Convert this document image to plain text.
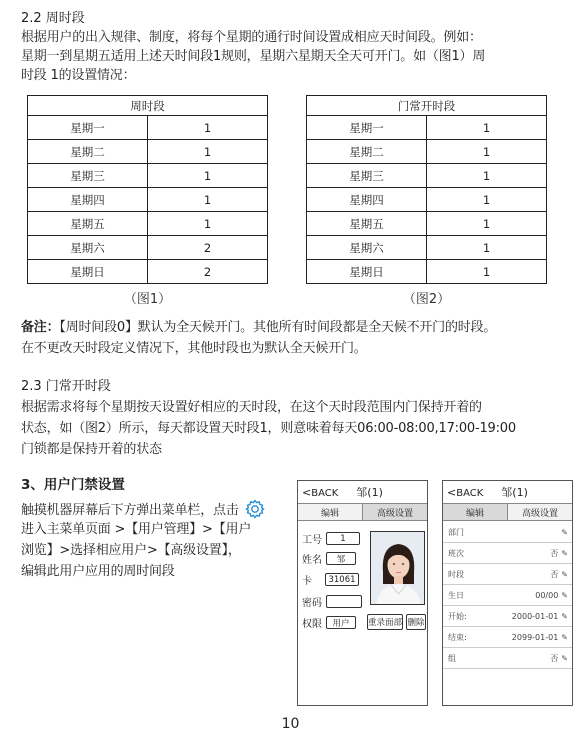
2.2 周时段
根据用户的出入规律、制度，将每个星期的通行时间设置成相应天时间段。例如：
星期一到星期五适用上述天时间段1规则，星期六星期天全天可开门。如（图1）周
时段 1的设置情况：
周时段	
星期一	1
星期二	1
星期三	1
星期四	1
星期五	1
星期六	2
星期日	2
（图1）
门常开时段	
星期一	1
星期二	1
星期三	1
星期四	1
星期五	1
星期六	1
星期日	1
（图2）
备注：【周时间段0】默认为全天候开门。其他所有时间段都是全天候不开门的时段。
在不更改天时段定义情况下，其他时段也为默认全天候开门。
2.3 门常开时段
根据需求将每个星期按天设置好相应的天时段，在这个天时段范围内门保持开着的
状态，如（图2）所示，每天都设置天时段1，则意味着每天06:00-08:00,17:00-19:00
门锁都是保持开着的状态
3、用户门禁设置
触摸机器屏幕后下方弹出菜单栏，点击
进入主菜单页面 >【用户管理】>【用户
浏览】>选择相应用户>【高级设置】，
编辑此用户应用的周时间段
<BACK 邹(1)
编辑	高级设置
工号	1
姓名	邹
卡	31061
密码
权限	用户	重录面部 删除
<BACK 邹(1)
编辑	高级设置
部门	✎
班次	否 ✎
时段	否 ✎
生日	00/00 ✎
开始:	2000-01-01 ✎
结束:	2099-01-01 ✎
组	否 ✎
10
